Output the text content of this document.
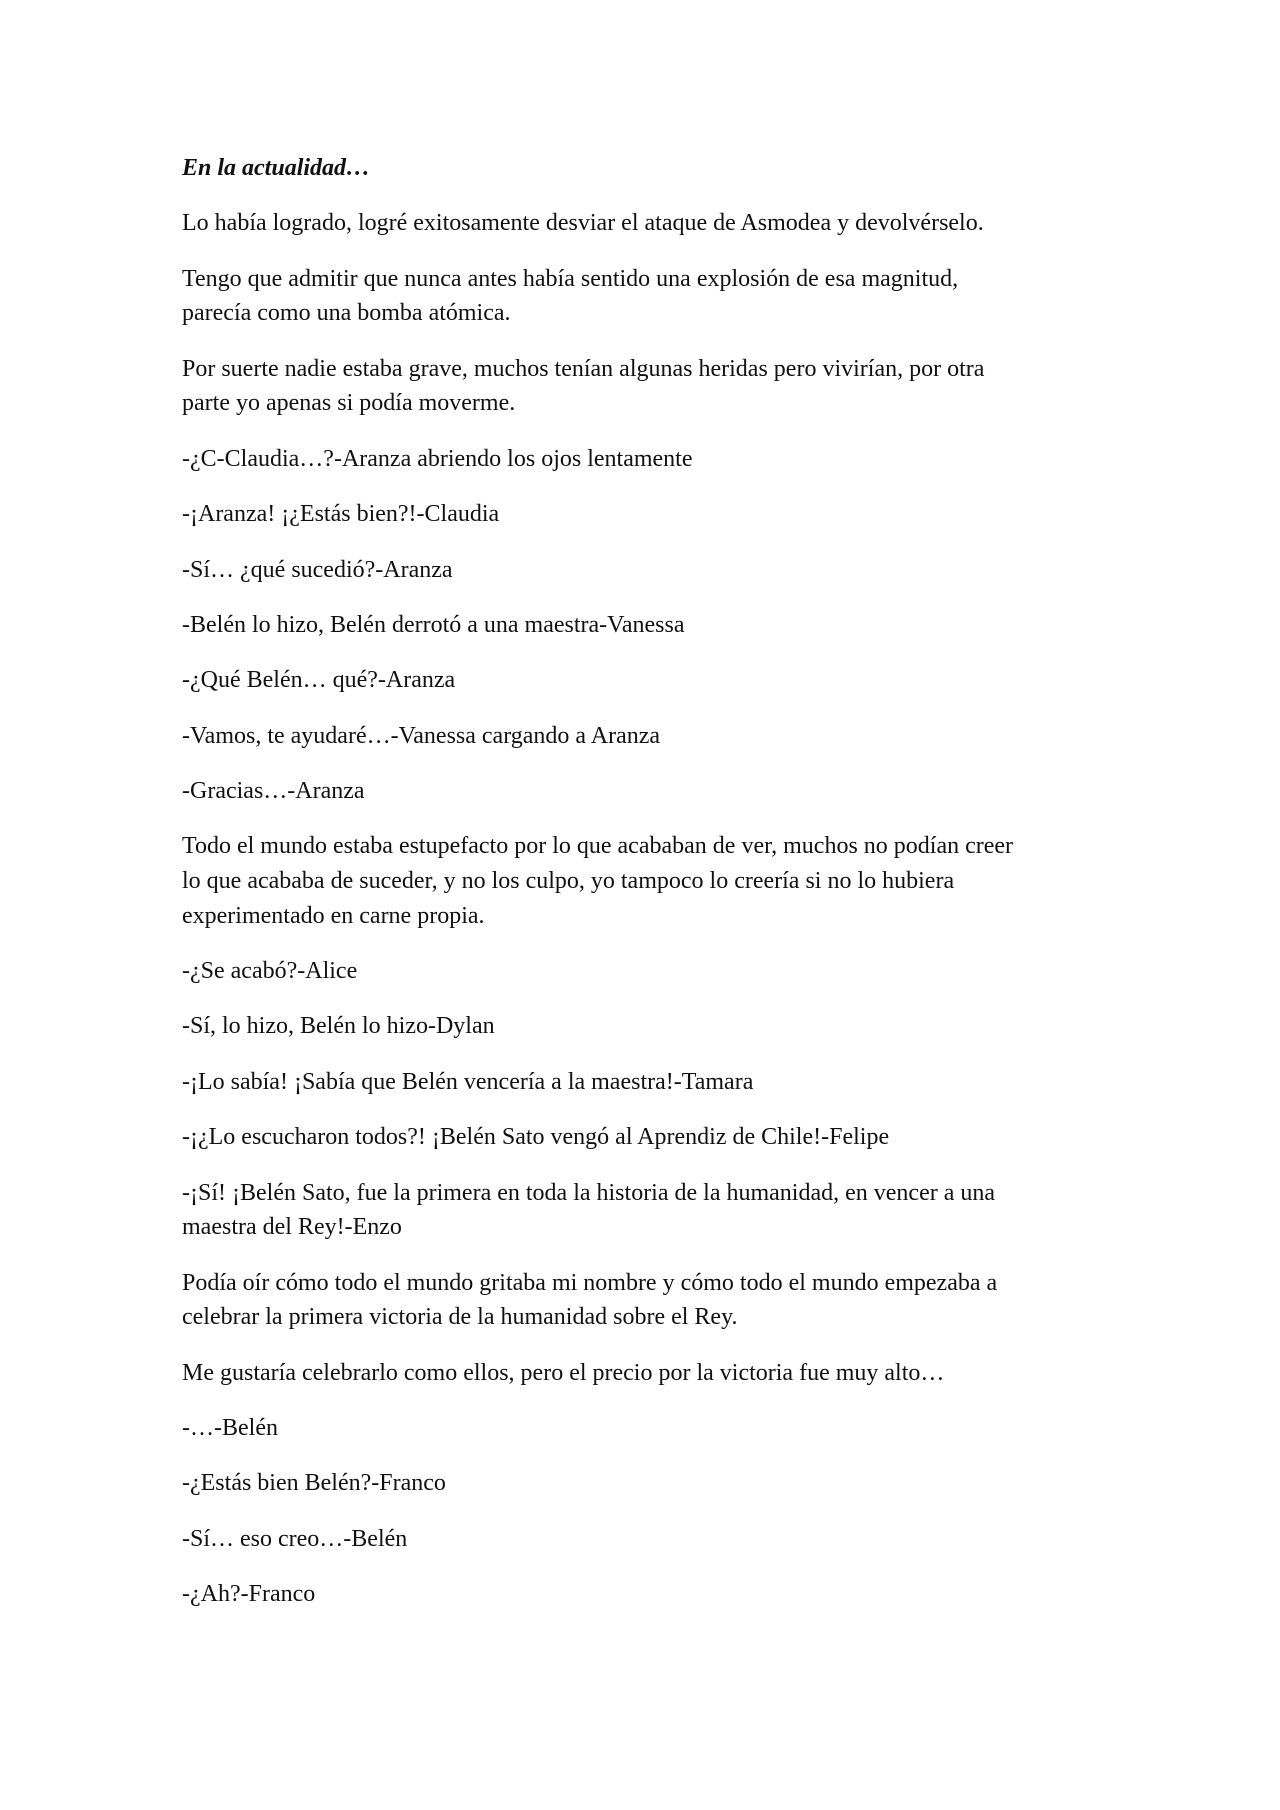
En la actualidad…

Lo había logrado, logré exitosamente desviar el ataque de Asmodea y devolvérselo.

Tengo que admitir que nunca antes había sentido una explosión de esa magnitud,
parecía como una bomba atómica.

Por suerte nadie estaba grave, muchos tenían algunas heridas pero vivirían, por otra
parte yo apenas si podía moverme.

-¿C-Claudia…?-Aranza abriendo los ojos lentamente

-¡Aranza! ¡¿Estás bien?!-Claudia

-Sí… ¿qué sucedió?-Aranza

-Belén lo hizo, Belén derrotó a una maestra-Vanessa

-¿Qué Belén… qué?-Aranza

-Vamos, te ayudaré…-Vanessa cargando a Aranza

-Gracias…-Aranza

Todo el mundo estaba estupefacto por lo que acababan de ver, muchos no podían creer
lo que acababa de suceder, y no los culpo, yo tampoco lo creería si no lo hubiera
experimentado en carne propia.

-¿Se acabó?-Alice

-Sí, lo hizo, Belén lo hizo-Dylan

-¡Lo sabía! ¡Sabía que Belén vencería a la maestra!-Tamara

-¡¿Lo escucharon todos?! ¡Belén Sato vengó al Aprendiz de Chile!-Felipe

-¡Sí! ¡Belén Sato, fue la primera en toda la historia de la humanidad, en vencer a una
maestra del Rey!-Enzo

Podía oír cómo todo el mundo gritaba mi nombre y cómo todo el mundo empezaba a
celebrar la primera victoria de la humanidad sobre el Rey.

Me gustaría celebrarlo como ellos, pero el precio por la victoria fue muy alto…

-…-Belén

-¿Estás bien Belén?-Franco

-Sí… eso creo…-Belén

-¿Ah?-Franco
